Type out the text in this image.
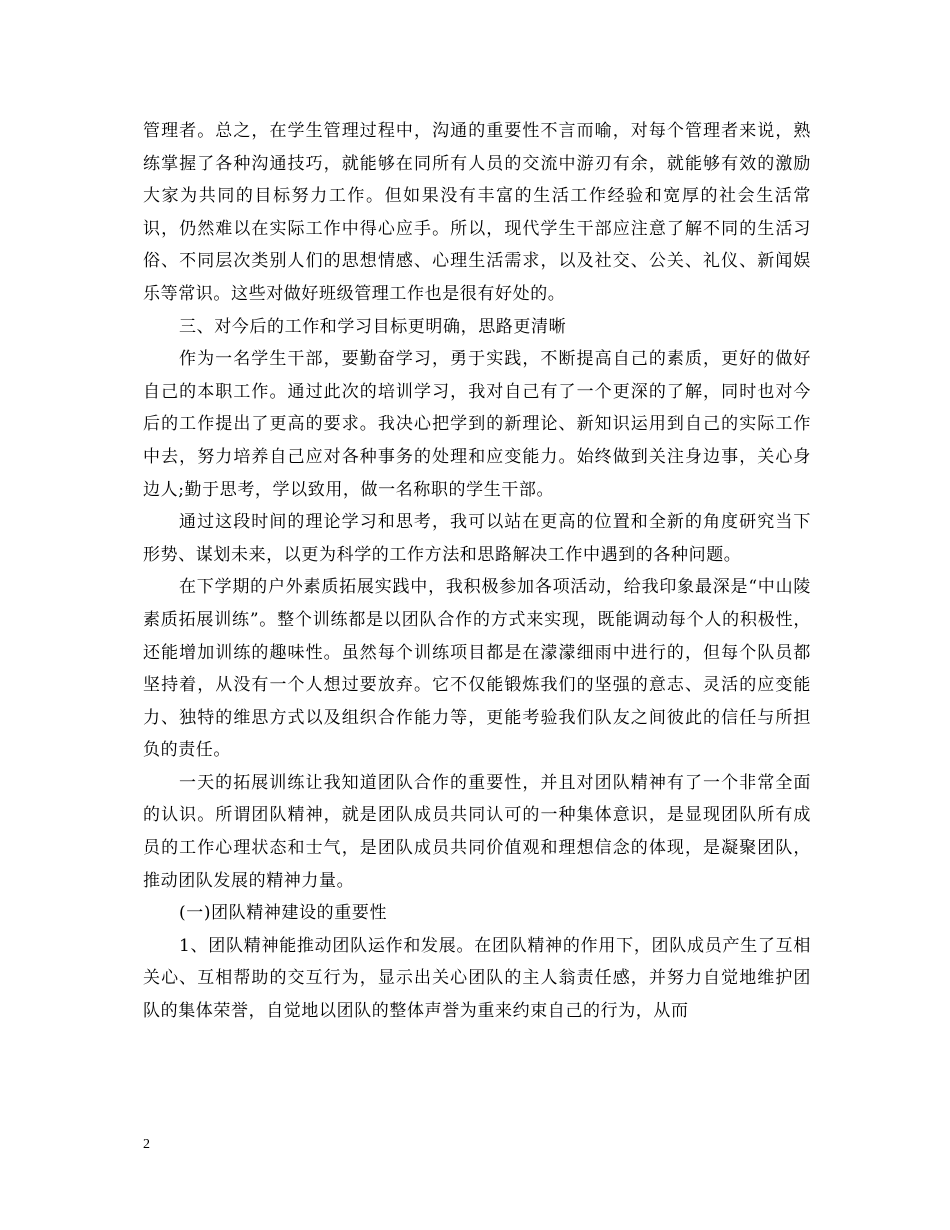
管理者。总之，在学生管理过程中，沟通的重要性不言而喻，对每个管理者来说，熟练掌握了各种沟通技巧，就能够在同所有人员的交流中游刃有余，就能够有效的激励大家为共同的目标努力工作。但如果没有丰富的生活工作经验和宽厚的社会生活常识，仍然难以在实际工作中得心应手。所以，现代学生干部应注意了解不同的生活习俗、不同层次类别人们的思想情感、心理生活需求，以及社交、公关、礼仪、新闻娱乐等常识。这些对做好班级管理工作也是很有好处的。

三、对今后的工作和学习目标更明确，思路更清晰

作为一名学生干部，要勤奋学习，勇于实践，不断提高自己的素质，更好的做好自己的本职工作。通过此次的培训学习，我对自己有了一个更深的了解，同时也对今后的工作提出了更高的要求。我决心把学到的新理论、新知识运用到自己的实际工作中去，努力培养自己应对各种事务的处理和应变能力。始终做到关注身边事，关心身边人;勤于思考，学以致用，做一名称职的学生干部。

通过这段时间的理论学习和思考，我可以站在更高的位置和全新的角度研究当下形势、谋划未来，以更为科学的工作方法和思路解决工作中遇到的各种问题。

在下学期的户外素质拓展实践中，我积极参加各项活动，给我印象最深是“中山陵素质拓展训练”。整个训练都是以团队合作的方式来实现，既能调动每个人的积极性，还能增加训练的趣味性。虽然每个训练项目都是在濛濛细雨中进行的，但每个队员都坚持着，从没有一个人想过要放弃。它不仅能锻炼我们的坚强的意志、灵活的应变能力、独特的维思方式以及组织合作能力等，更能考验我们队友之间彼此的信任与所担负的责任。

一天的拓展训练让我知道团队合作的重要性，并且对团队精神有了一个非常全面的认识。所谓团队精神，就是团队成员共同认可的一种集体意识，是显现团队所有成员的工作心理状态和士气，是团队成员共同价值观和理想信念的体现，是凝聚团队，推动团队发展的精神力量。

(一)团队精神建设的重要性

1、团队精神能推动团队运作和发展。在团队精神的作用下，团队成员产生了互相关心、互相帮助的交互行为，显示出关心团队的主人翁责任感，并努力自觉地维护团队的集体荣誉，自觉地以团队的整体声誉为重来约束自己的行为，从而

2
